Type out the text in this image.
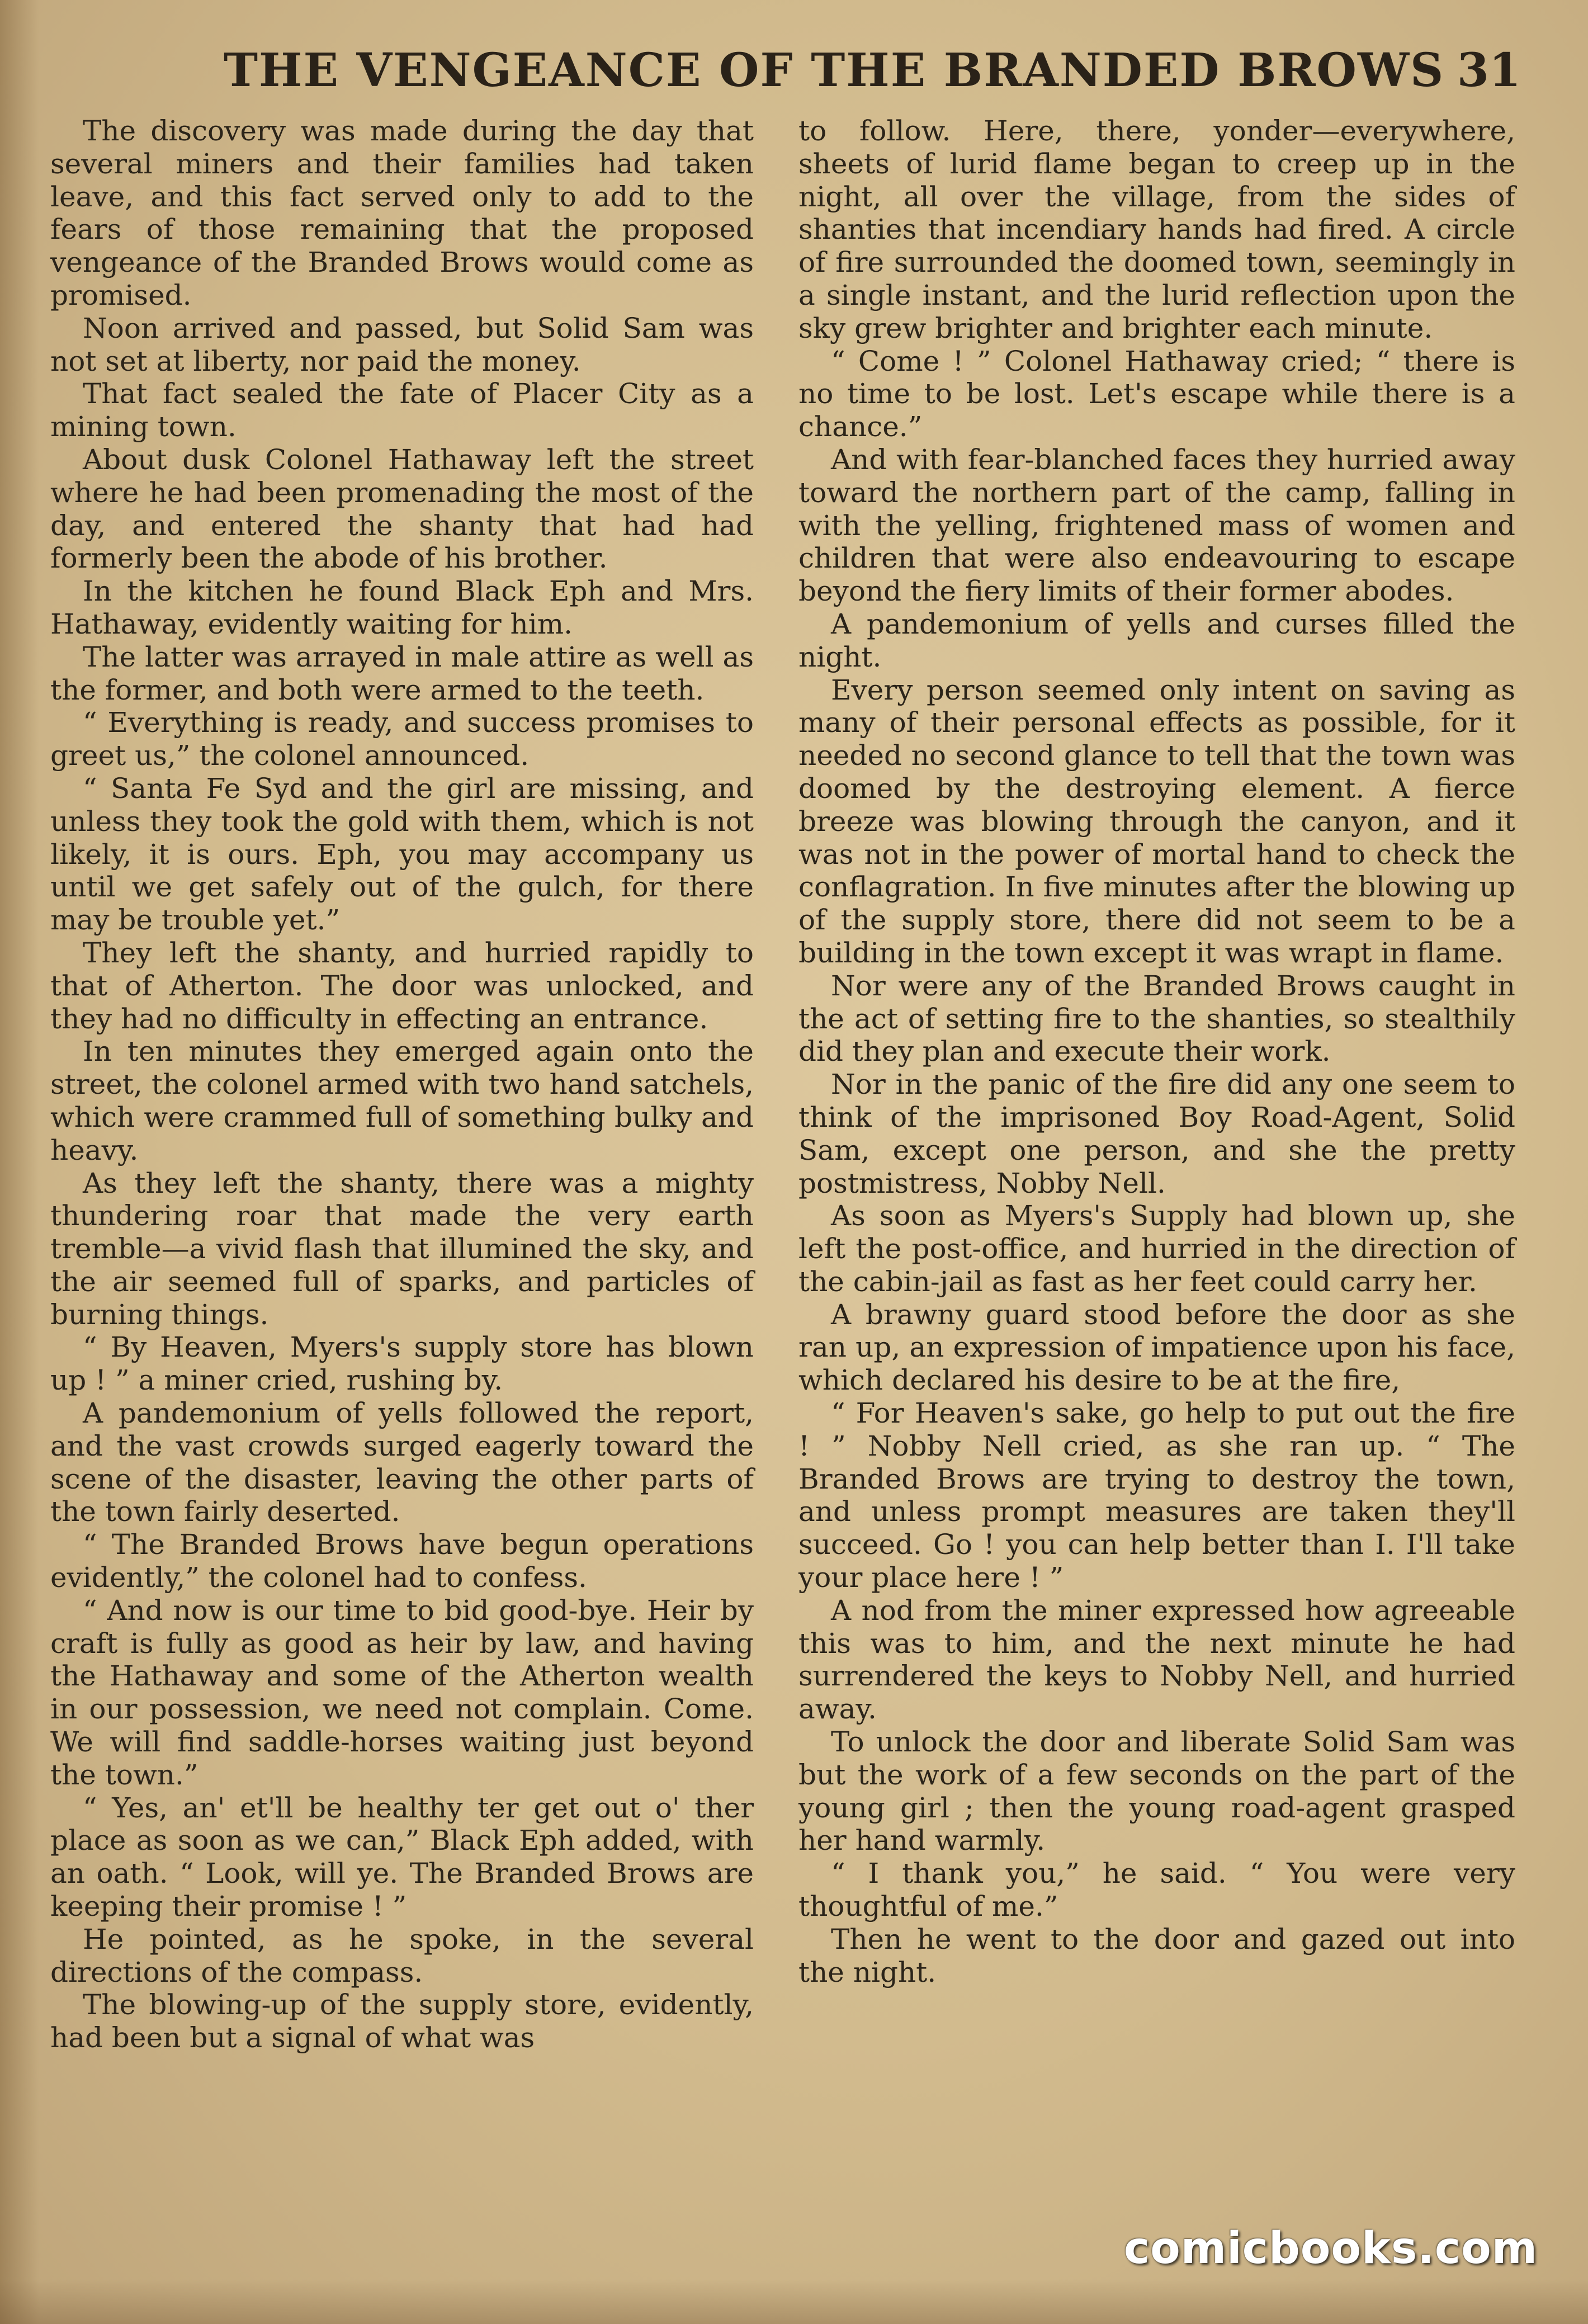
THE VENGEANCE OF THE BRANDED BROWS 31

The discovery was made during the day that several miners and their families had taken leave, and this fact served only to add to the fears of those remaining that the proposed vengeance of the Branded Brows would come as promised.

Noon arrived and passed, but Solid Sam was not set at liberty, nor paid the money.

That fact sealed the fate of Placer City as a mining town.

About dusk Colonel Hathaway left the street where he had been promenading the most of the day, and entered the shanty that had had formerly been the abode of his brother.

In the kitchen he found Black Eph and Mrs. Hathaway, evidently waiting for him.

The latter was arrayed in male attire as well as the former, and both were armed to the teeth.

“ Everything is ready, and success promises to greet us,” the colonel announced.

“ Santa Fe Syd and the girl are missing, and unless they took the gold with them, which is not likely, it is ours. Eph, you may accompany us until we get safely out of the gulch, for there may be trouble yet.”

They left the shanty, and hurried rapidly to that of Atherton. The door was unlocked, and they had no difficulty in effecting an entrance.

In ten minutes they emerged again onto the street, the colonel armed with two hand satchels, which were crammed full of something bulky and heavy.

As they left the shanty, there was a mighty thundering roar that made the very earth tremble—a vivid flash that illumined the sky, and the air seemed full of sparks, and particles of burning things.

“ By Heaven, Myers's supply store has blown up ! ” a miner cried, rushing by.

A pandemonium of yells followed the report, and the vast crowds surged eagerly toward the scene of the disaster, leaving the other parts of the town fairly deserted.

“ The Branded Brows have begun operations evidently,” the colonel had to confess.

“ And now is our time to bid good-bye. Heir by craft is fully as good as heir by law, and having the Hathaway and some of the Atherton wealth in our possession, we need not complain. Come. We will find saddle-horses waiting just beyond the town.”

“ Yes, an' et'll be healthy ter get out o' ther place as soon as we can,” Black Eph added, with an oath. “ Look, will ye. The Branded Brows are keeping their promise ! ”

He pointed, as he spoke, in the several directions of the compass.

The blowing-up of the supply store, evidently, had been but a signal of what was

to follow. Here, there, yonder—everywhere, sheets of lurid flame began to creep up in the night, all over the village, from the sides of shanties that incendiary hands had fired. A circle of fire surrounded the doomed town, seemingly in a single instant, and the lurid reflection upon the sky grew brighter and brighter each minute.

“ Come ! ” Colonel Hathaway cried; “ there is no time to be lost. Let's escape while there is a chance.”

And with fear-blanched faces they hurried away toward the northern part of the camp, falling in with the yelling, frightened mass of women and children that were also endeavouring to escape beyond the fiery limits of their former abodes.

A pandemonium of yells and curses filled the night.

Every person seemed only intent on saving as many of their personal effects as possible, for it needed no second glance to tell that the town was doomed by the destroying element. A fierce breeze was blowing through the canyon, and it was not in the power of mortal hand to check the conflagration. In five minutes after the blowing up of the supply store, there did not seem to be a building in the town except it was wrapt in flame.

Nor were any of the Branded Brows caught in the act of setting fire to the shanties, so stealthily did they plan and execute their work.

Nor in the panic of the fire did any one seem to think of the imprisoned Boy Road-Agent, Solid Sam, except one person, and she the pretty postmistress, Nobby Nell.

As soon as Myers's Supply had blown up, she left the post-office, and hurried in the direction of the cabin-jail as fast as her feet could carry her.

A brawny guard stood before the door as she ran up, an expression of impatience upon his face, which declared his desire to be at the fire,

“ For Heaven's sake, go help to put out the fire ! ” Nobby Nell cried, as she ran up. “ The Branded Brows are trying to destroy the town, and unless prompt measures are taken they'll succeed. Go ! you can help better than I. I'll take your place here ! ”

A nod from the miner expressed how agreeable this was to him, and the next minute he had surrendered the keys to Nobby Nell, and hurried away.

To unlock the door and liberate Solid Sam was but the work of a few seconds on the part of the young girl ; then the young road-agent grasped her hand warmly.

“ I thank you,” he said. “ You were very thoughtful of me.”

Then he went to the door and gazed out into the night.

comicbooks.com
